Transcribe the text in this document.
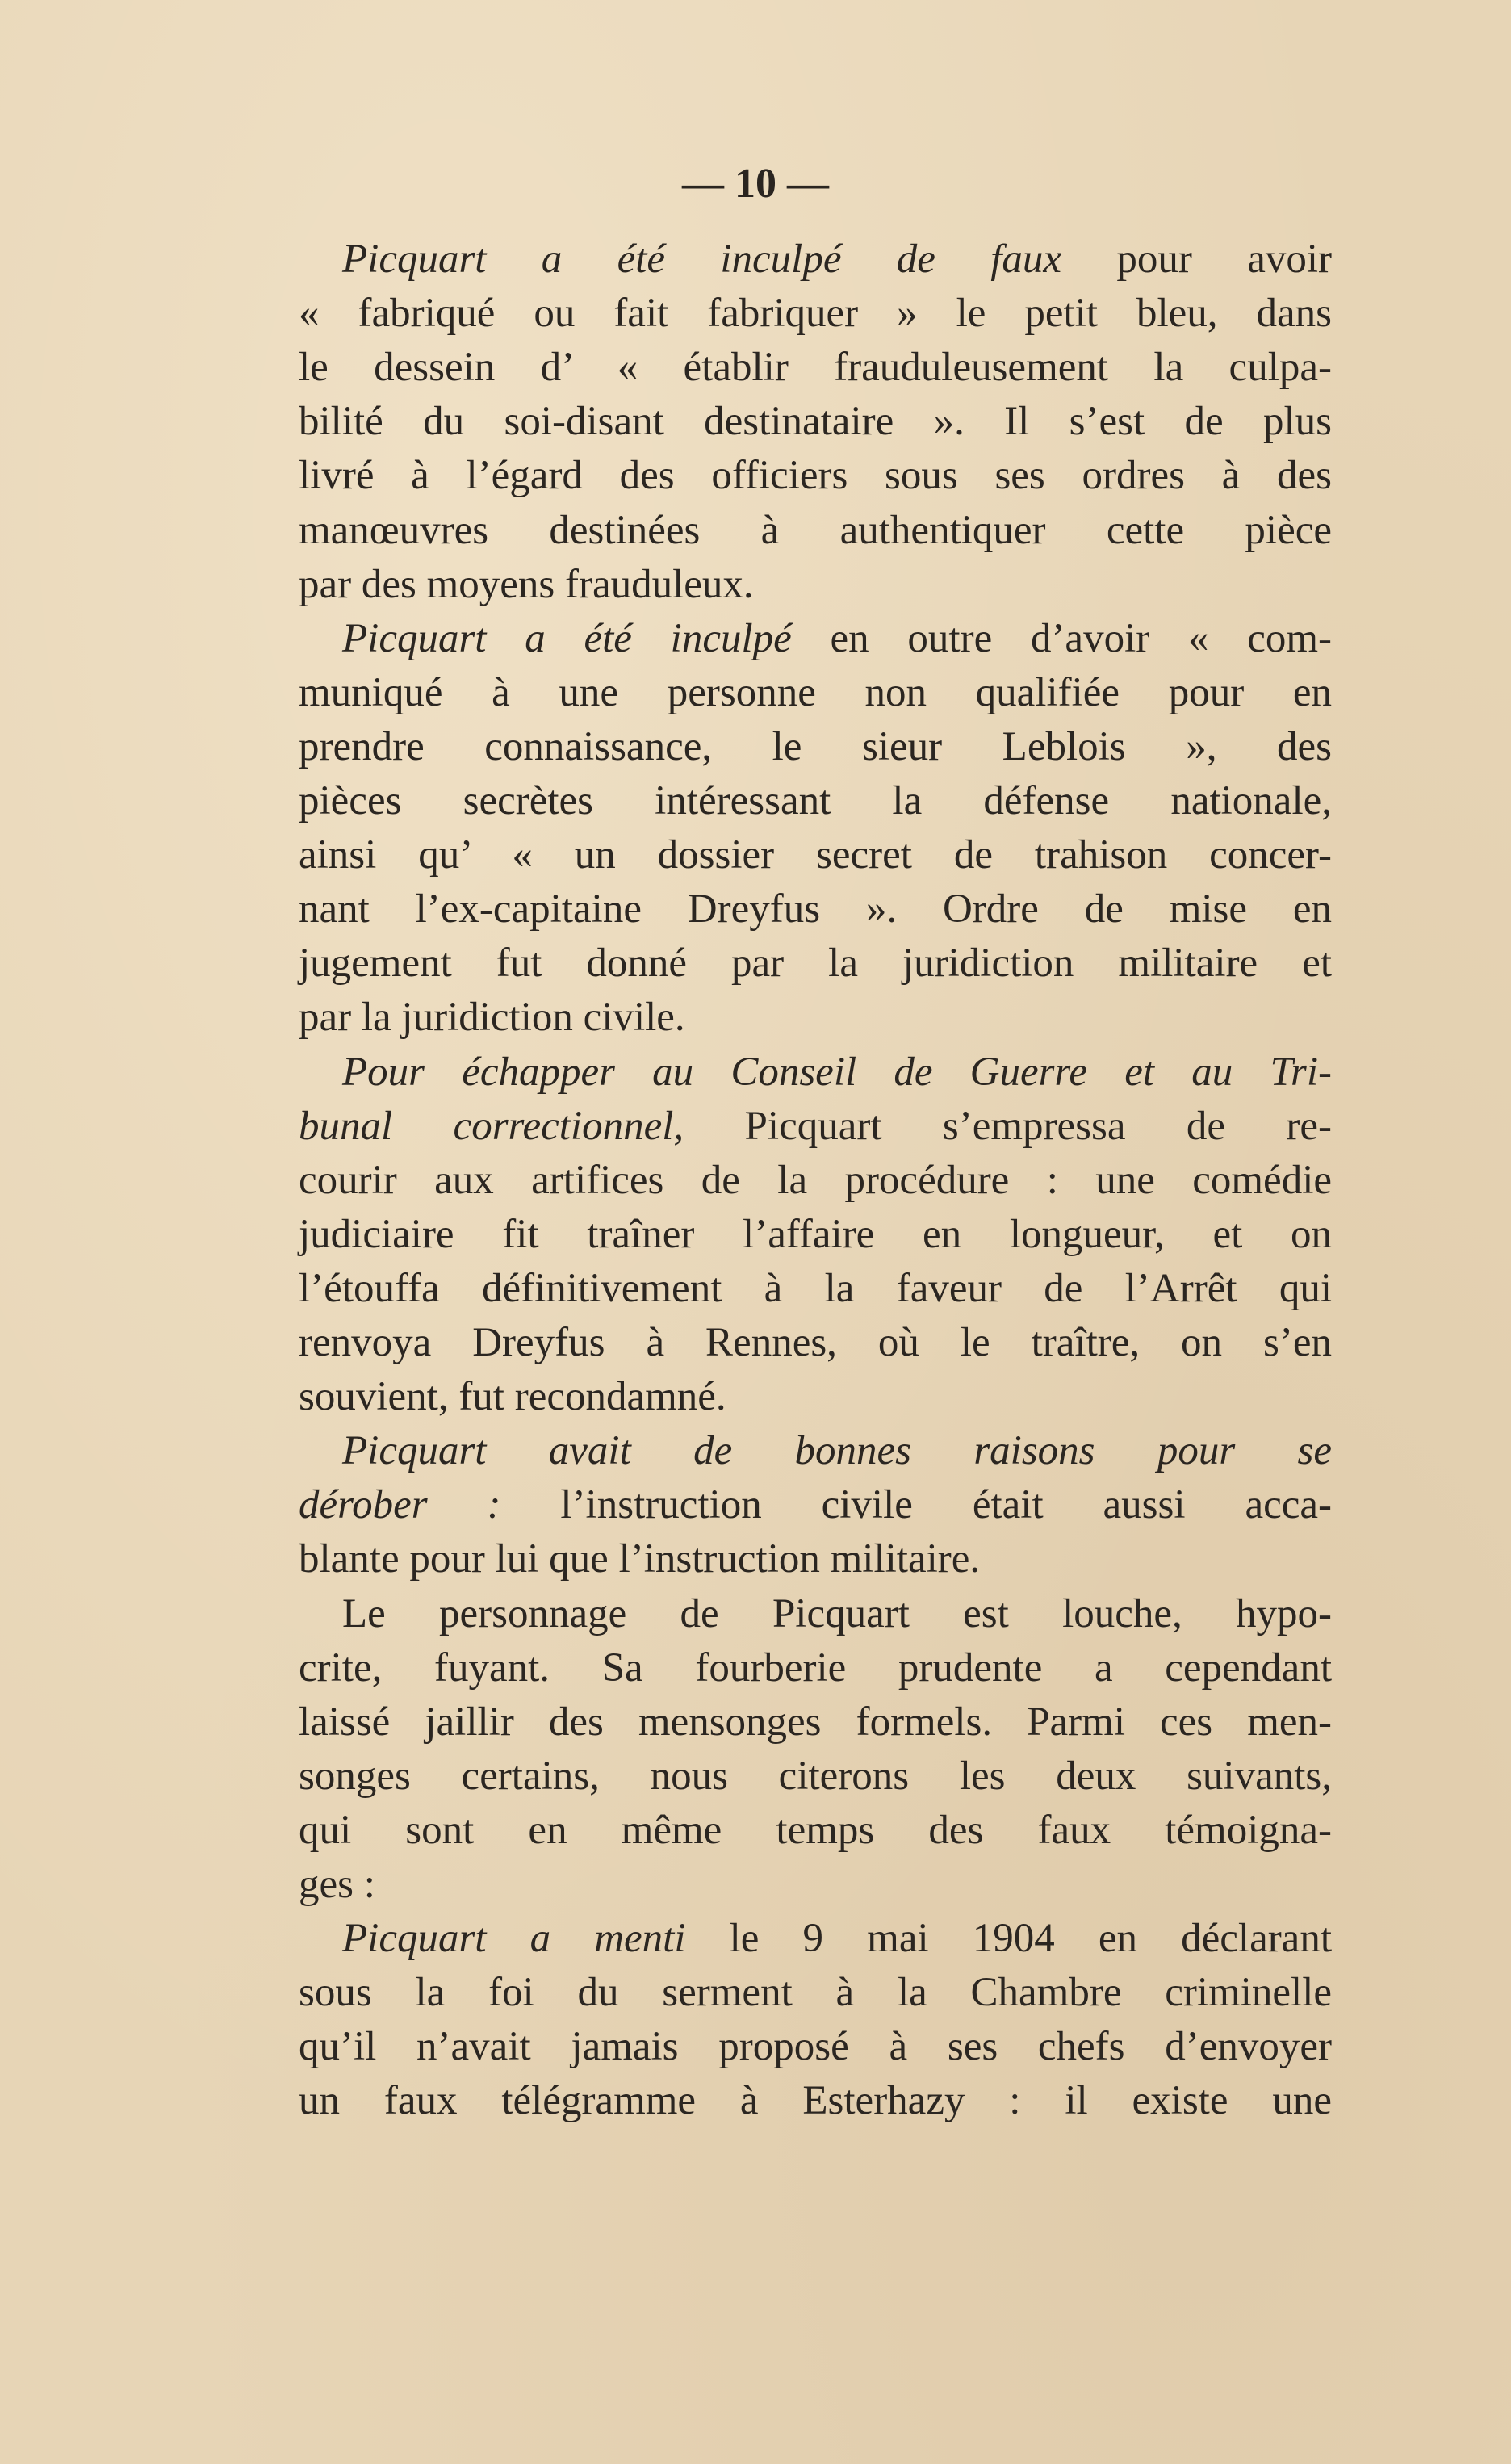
— 10 —
Picquart a été inculpé de faux pour avoir
« fabriqué ou fait fabriquer » le petit bleu, dans
le dessein d’ « établir frauduleusement la culpa-
bilité du soi-disant destinataire ». Il s’est de plus
livré à l’égard des officiers sous ses ordres à des
manœuvres destinées à authentiquer cette pièce
par des moyens frauduleux.
Picquart a été inculpé en outre d’avoir « com-
muniqué à une personne non qualifiée pour en
prendre connaissance, le sieur Leblois », des
pièces secrètes intéressant la défense nationale,
ainsi qu’ « un dossier secret de trahison concer-
nant l’ex-capitaine Dreyfus ». Ordre de mise en
jugement fut donné par la juridiction militaire et
par la juridiction civile.
Pour échapper au Conseil de Guerre et au Tri-
bunal correctionnel, Picquart s’empressa de re-
courir aux artifices de la procédure : une comédie
judiciaire fit traîner l’affaire en longueur, et on
l’étouffa définitivement à la faveur de l’Arrêt qui
renvoya Dreyfus à Rennes, où le traître, on s’en
souvient, fut recondamné.
Picquart avait de bonnes raisons pour se
dérober : l’instruction civile était aussi acca-
blante pour lui que l’instruction militaire.
Le personnage de Picquart est louche, hypo-
crite, fuyant. Sa fourberie prudente a cependant
laissé jaillir des mensonges formels. Parmi ces men-
songes certains, nous citerons les deux suivants,
qui sont en même temps des faux témoigna-
ges :
Picquart a menti le 9 mai 1904 en déclarant
sous la foi du serment à la Chambre criminelle
qu’il n’avait jamais proposé à ses chefs d’envoyer
un faux télégramme à Esterhazy : il existe une
